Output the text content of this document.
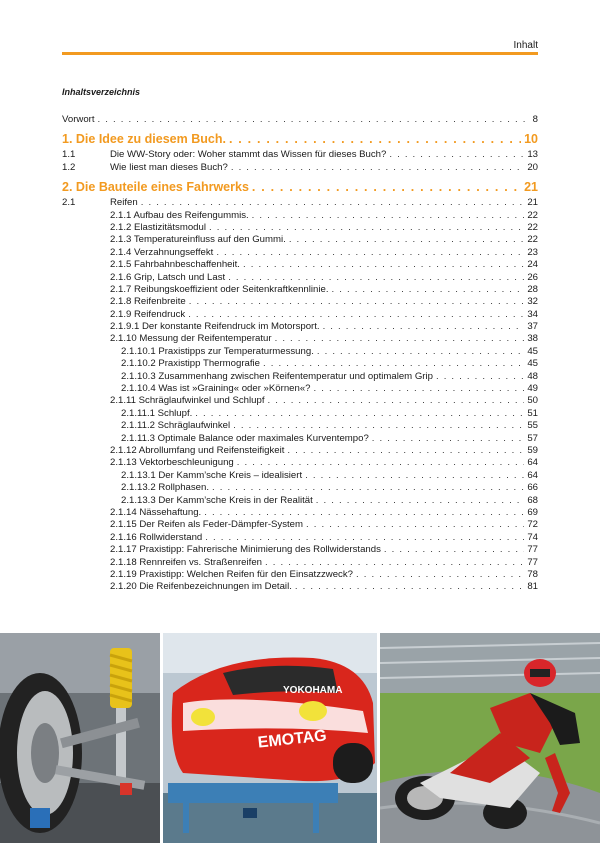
Inhalt
Inhaltsverzeichnis
Vorwort . . .	8
1. Die Idee zu diesem Buch. . . .	10
1.1	Die WW-Story oder: Woher stammt das Wissen für dieses Buch? . . .	13
1.2	Wie liest man dieses Buch? . . .	20
2. Die Bauteile eines Fahrwerks . . .	21
2.1	Reifen . . .	21
2.1.1 Aufbau des Reifengummis. . . .	22
2.1.2 Elastizitätsmodul . . .	22
2.1.3 Temperatureinfluss auf den Gummi. . . .	22
2.1.4 Verzahnungseffekt . . .	23
2.1.5 Fahrbahnbeschaffenheit. . . .	24
2.1.6 Grip, Latsch und Last . . .	26
2.1.7 Reibungskoeffizient oder Seitenkraftkennlinie. . . .	28
2.1.8 Reifenbreite . . .	32
2.1.9 Reifendruck . . .	34
2.1.9.1 Der konstante Reifendruck im Motorsport. . . .	37
2.1.10 Messung der Reifentemperatur . . .	38
2.1.10.1 Praxistipps zur Temperaturmessung. . . .	45
2.1.10.2 Praxistipp Thermografie . . .	45
2.1.10.3 Zusammenhang zwischen Reifentemperatur und optimalem Grip . . .	48
2.1.10.4 Was ist »Graining« oder »Körnen«? . . .	49
2.1.11 Schräglaufwinkel und Schlupf . . .	50
2.1.11.1 Schlupf. . . .	51
2.1.11.2 Schräglaufwinkel . . .	55
2.1.11.3 Optimale Balance oder maximales Kurventempo? . . .	57
2.1.12 Abrollumfang und Reifensteifigkeit . . .	59
2.1.13 Vektorbeschleunigung . . .	64
2.1.13.1 Der Kamm’sche Kreis – idealisiert . . .	64
2.1.13.2 Rollphasen. . . .	66
2.1.13.3 Der Kamm’sche Kreis in der Realität . . .	68
2.1.14 Nässehaftung. . . .	69
2.1.15 Der Reifen als Feder-Dämpfer-System . . .	72
2.1.16 Rollwiderstand . . .	74
2.1.17 Praxistipp: Fahrerische Minimierung des Rollwiderstands . . .	77
2.1.18 Rennreifen vs. Straßenreifen . . .	77
2.1.19 Praxistipp: Welchen Reifen für den Einsatzzweck? . . .	78
2.1.20 Die Reifenbezeichnungen im Detail. . . .	81
YOKOHAMA
EMOTAG
